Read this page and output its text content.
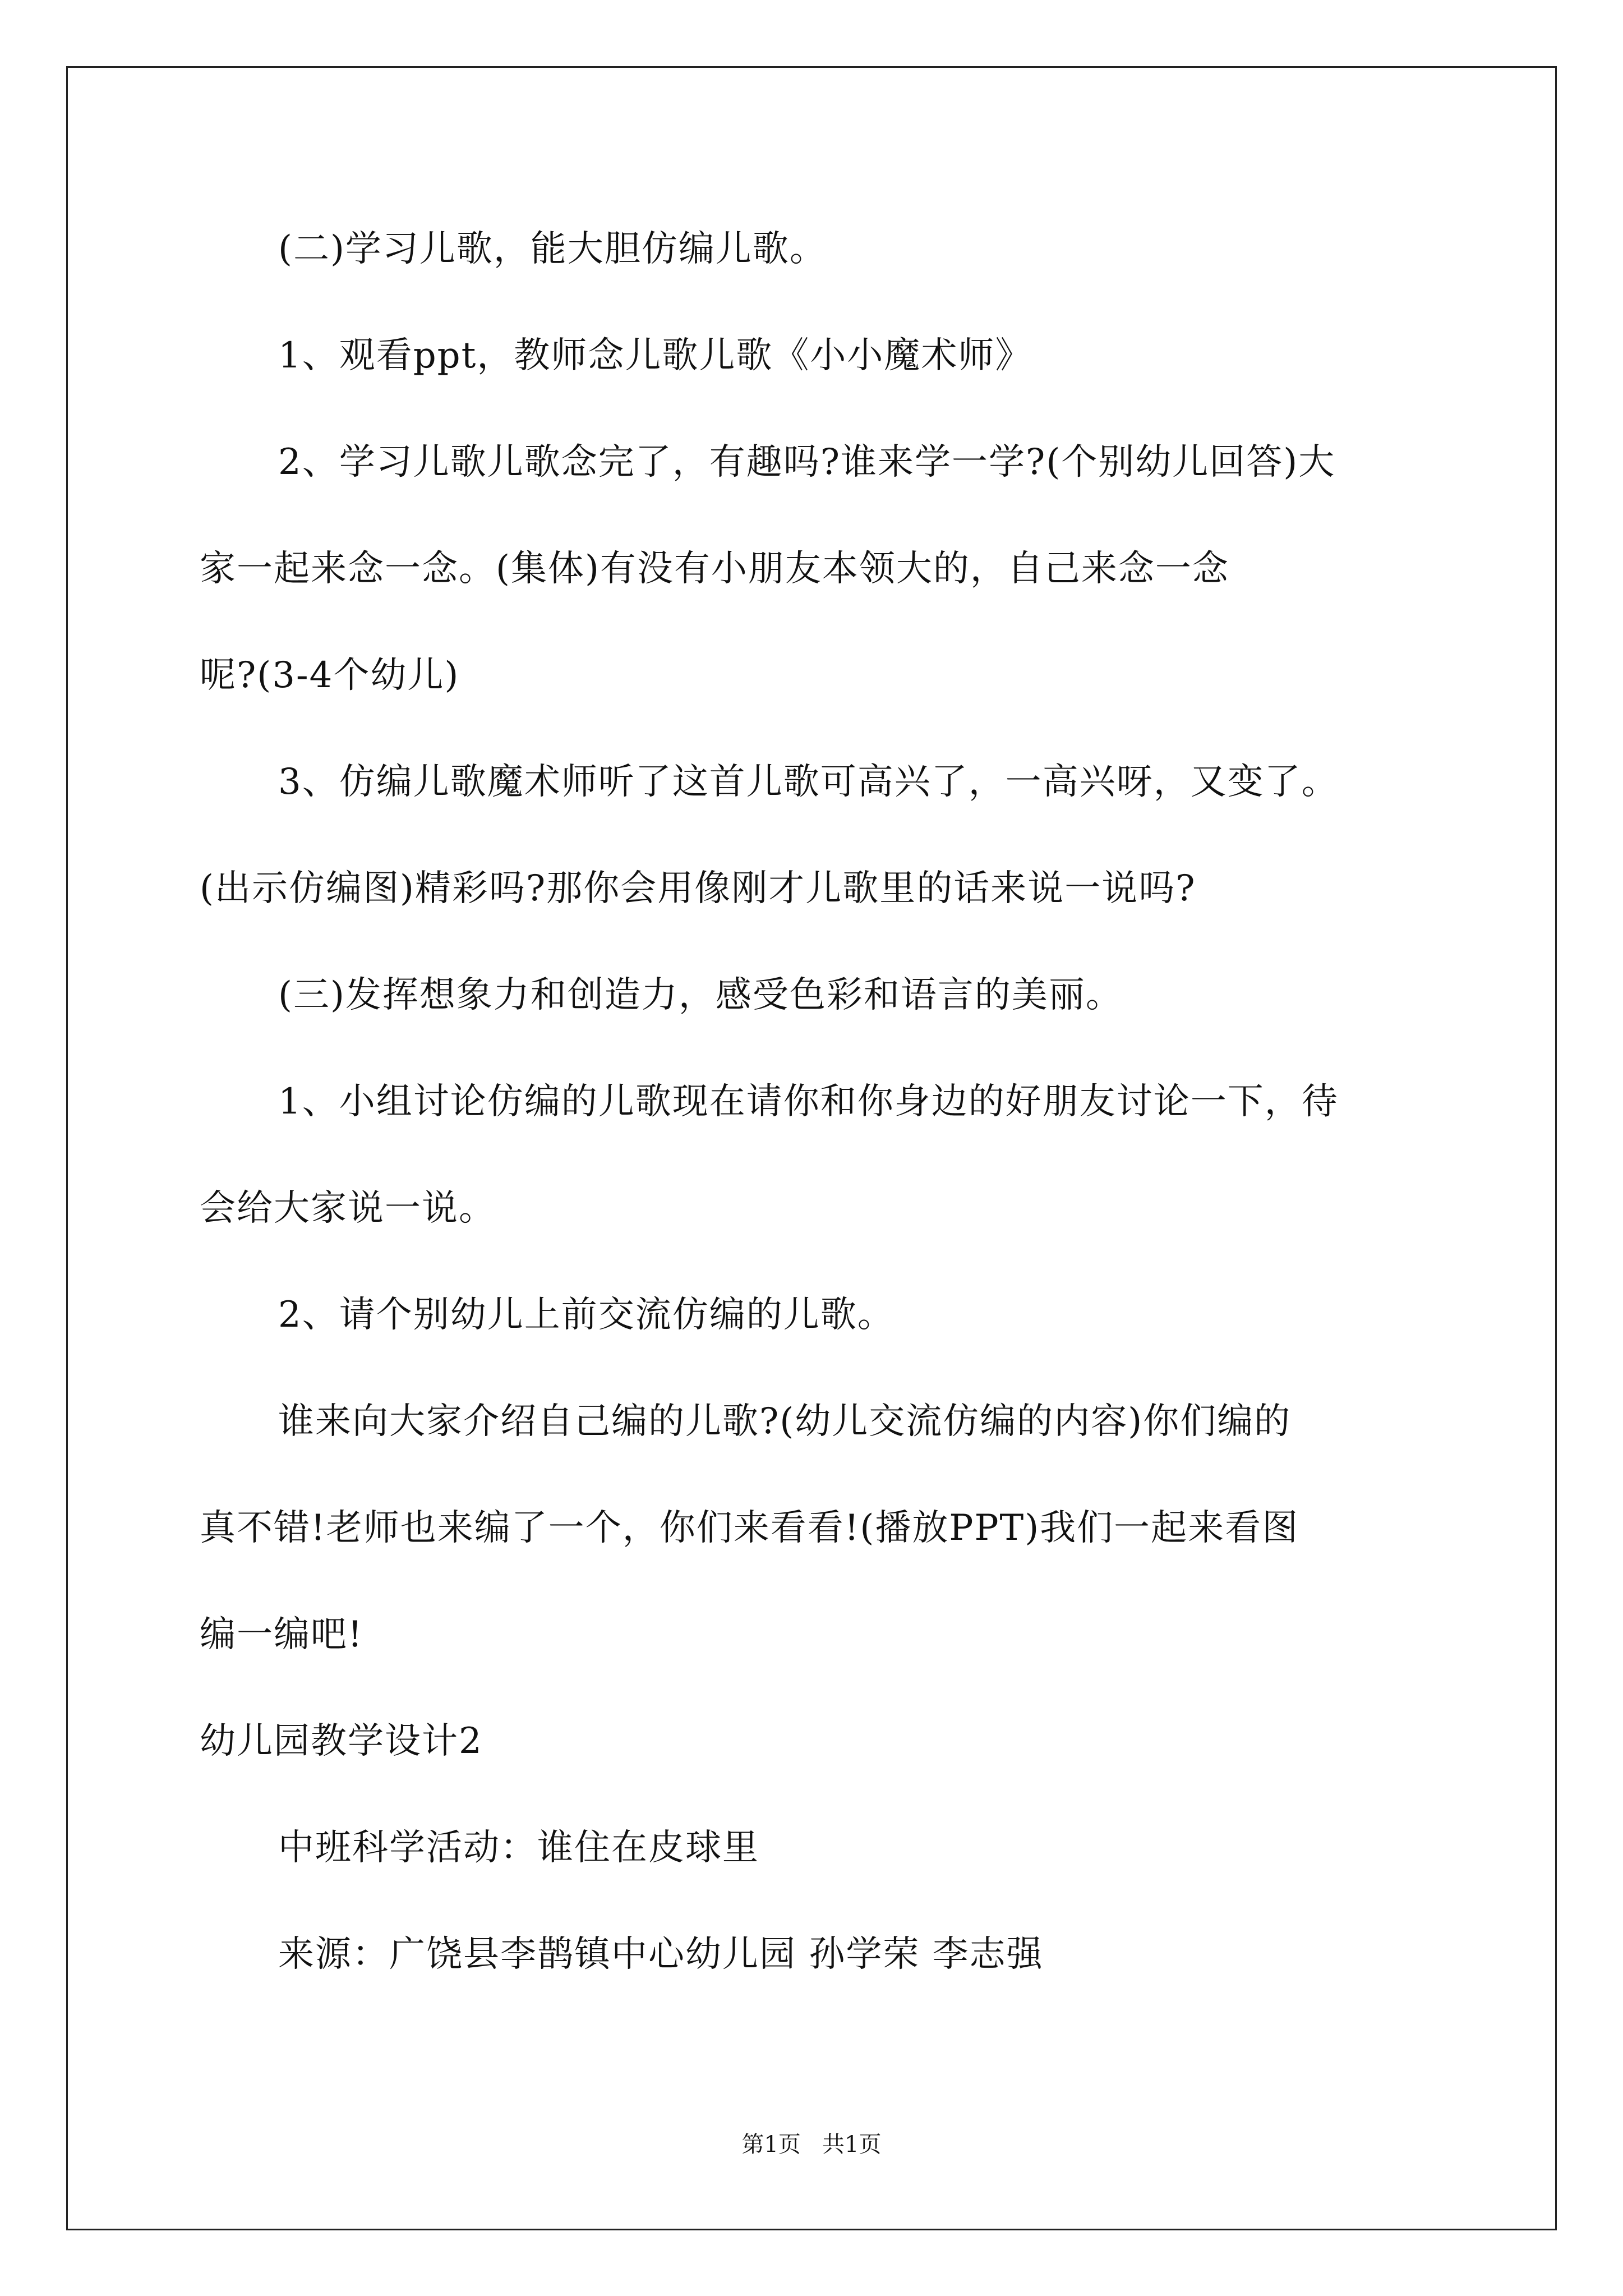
(二)学习儿歌，能大胆仿编儿歌。
1、观看ppt，教师念儿歌儿歌《小小魔术师》
2、学习儿歌儿歌念完了，有趣吗?谁来学一学?(个别幼儿回答)大
家一起来念一念。(集体)有没有小朋友本领大的，自己来念一念
呢?(3-4个幼儿)
3、仿编儿歌魔术师听了这首儿歌可高兴了，一高兴呀，又变了。
(出示仿编图)精彩吗?那你会用像刚才儿歌里的话来说一说吗?
(三)发挥想象力和创造力，感受色彩和语言的美丽。
1、小组讨论仿编的儿歌现在请你和你身边的好朋友讨论一下，待
会给大家说一说。
2、请个别幼儿上前交流仿编的儿歌。
谁来向大家介绍自己编的儿歌?(幼儿交流仿编的内容)你们编的
真不错!老师也来编了一个，你们来看看!(播放PPT)我们一起来看图
编一编吧!
幼儿园教学设计2
中班科学活动：谁住在皮球里
来源：广饶县李鹊镇中心幼儿园 孙学荣 李志强
第1页   共1页
